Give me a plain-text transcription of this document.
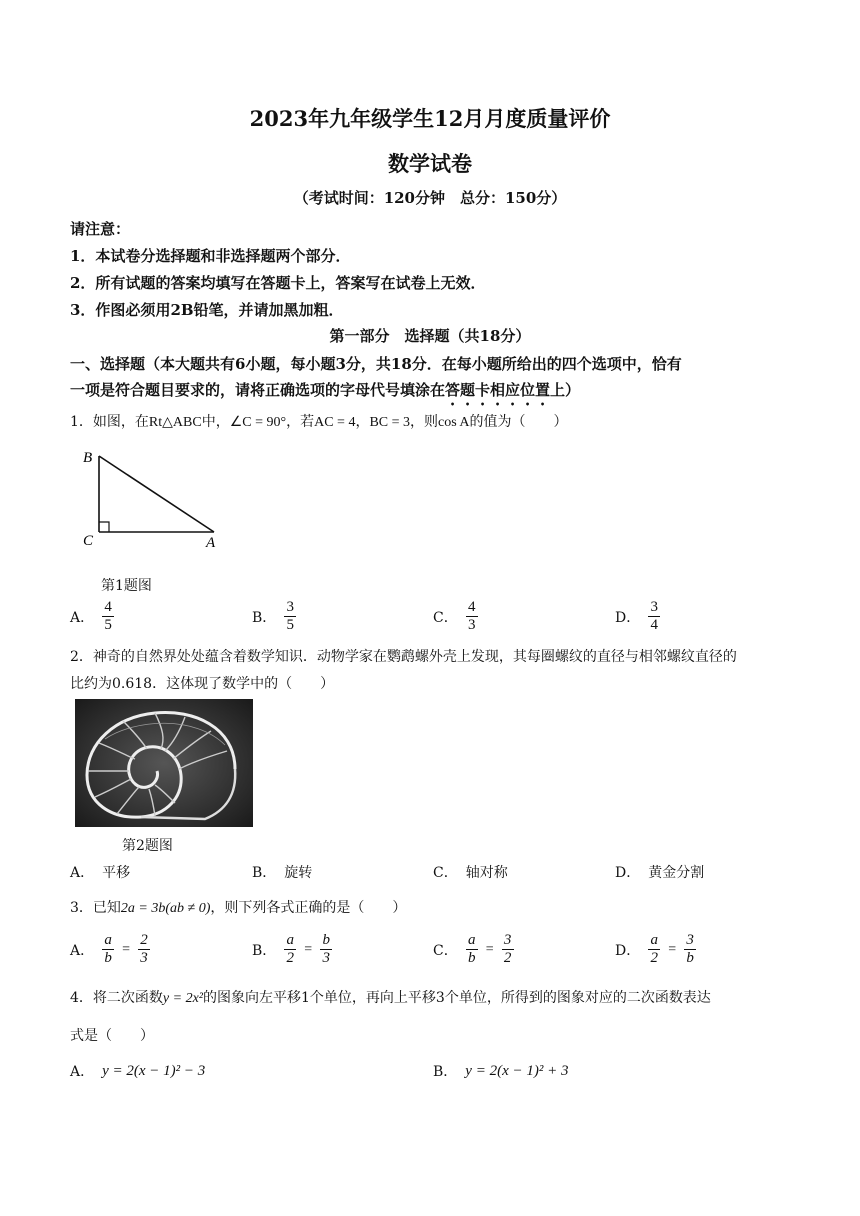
2023年九年级学生12月月度质量评价
数学试卷
（考试时间：120分钟　总分：150分）
请注意：
1．本试卷分选择题和非选择题两个部分．
2．所有试题的答案均填写在答题卡上，答案写在试卷上无效．
3．作图必须用2B铅笔，并请加黑加粗．
第一部分　选择题（共18分）
一、选择题（本大题共有6小题，每小题3分，共18分．在每小题所给出的四个选项中，恰有
一项是符合题目要求的，请将正确选项的字母代号填涂在答题卡相应位置上）
1．如图，在Rt△ABC中，∠C = 90°，若AC = 4，BC = 3，则cos A的值为（　　）
B
C	A
第1题图
A． $\frac{4}{5}$	B． $\frac{3}{5}$	C． $\frac{4}{3}$	D． $\frac{3}{4}$
2．神奇的自然界处处蕴含着数学知识．动物学家在鹦鹉螺外壳上发现，其每圈螺纹的直径与相邻螺纹直径的
比约为0.618．这体现了数学中的（　　）
第2题图
A． 平移	B． 旋转	C． 轴对称	D． 黄金分割
3．已知2a = 3b(ab ≠ 0)，则下列各式正确的是（　　）
A． $\frac{a}{b} = \frac{2}{3}$	B． $\frac{a}{2} = \frac{b}{3}$	C． $\frac{a}{b} = \frac{3}{2}$	D． $\frac{a}{2} = \frac{3}{b}$
4．将二次函数y = 2x²的图象向左平移1个单位，再向上平移3个单位，所得到的图象对应的二次函数表达
式是（　　）
A． y = 2(x − 1)² − 3	B． y = 2(x − 1)² + 3
